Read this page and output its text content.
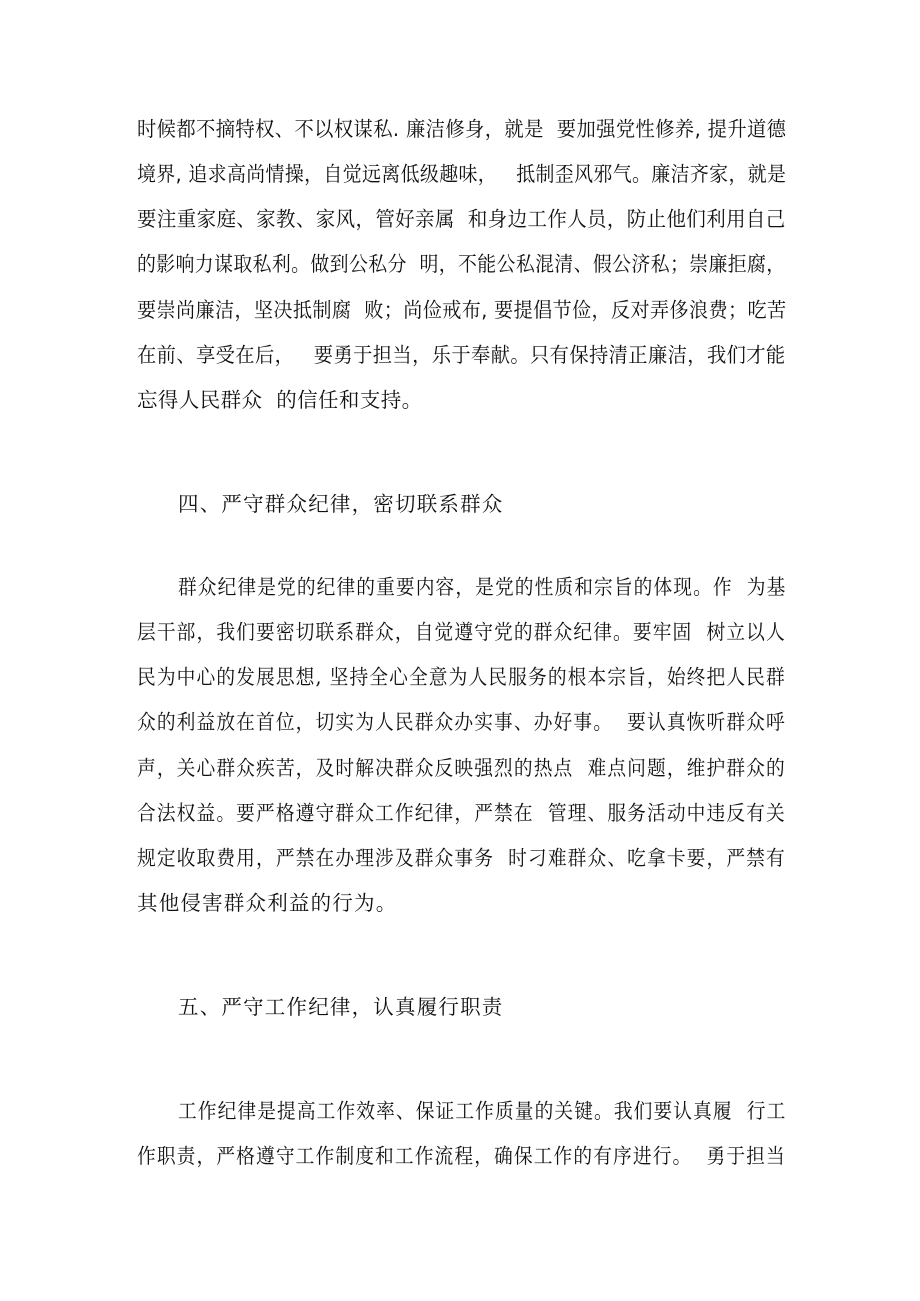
时候都不摘特权、不以权谋私. 廉洁修身，就是  要加强党性修养, 提升道德
境界, 追求高尚情操，自觉远离低级趣味，   抵制歪风邪气。廉洁齐家，就是
要注重家庭、家教、家风，管好亲属  和身边工作人员，防止他们利用自己
的影响力谋取私利。做到公私分  明，不能公私混清、假公济私；崇廉拒腐，
要崇尚廉洁，坚决抵制腐  败；尚俭戒布, 要提倡节俭，反对弄侈浪费；吃苦
在前、享受在后，   要勇于担当，乐于奉献。只有保持清正廉洁，我们才能
忘得人民群众  的信任和支持。
四、严守群众纪律，密切联系群众
群众纪律是党的纪律的重要内容，是党的性质和宗旨的体现。作  为基
层干部，我们要密切联系群众，自觉遵守党的群众纪律。要牢固  树立以人
民为中心的发展思想, 坚持全心全意为人民服务的根本宗旨，始终把人民群
众的利益放在首位，切实为人民群众办实事、办好事。  要认真恢听群众呼
声，关心群众疾苦，及时解决群众反映强烈的热点  难点问题，维护群众的
合法权益。要严格遵守群众工作纪律，严禁在  管理、服务活动中违反有关
规定收取费用，严禁在办理涉及群众事务  时刁难群众、吃拿卡要，严禁有
其他侵害群众利益的行为。
五、严守工作纪律，认真履行职责
工作纪律是提高工作效率、保证工作质量的关键。我们要认真履  行工
作职责，严格遵守工作制度和工作流程，确保工作的有序进行。  勇于担当
